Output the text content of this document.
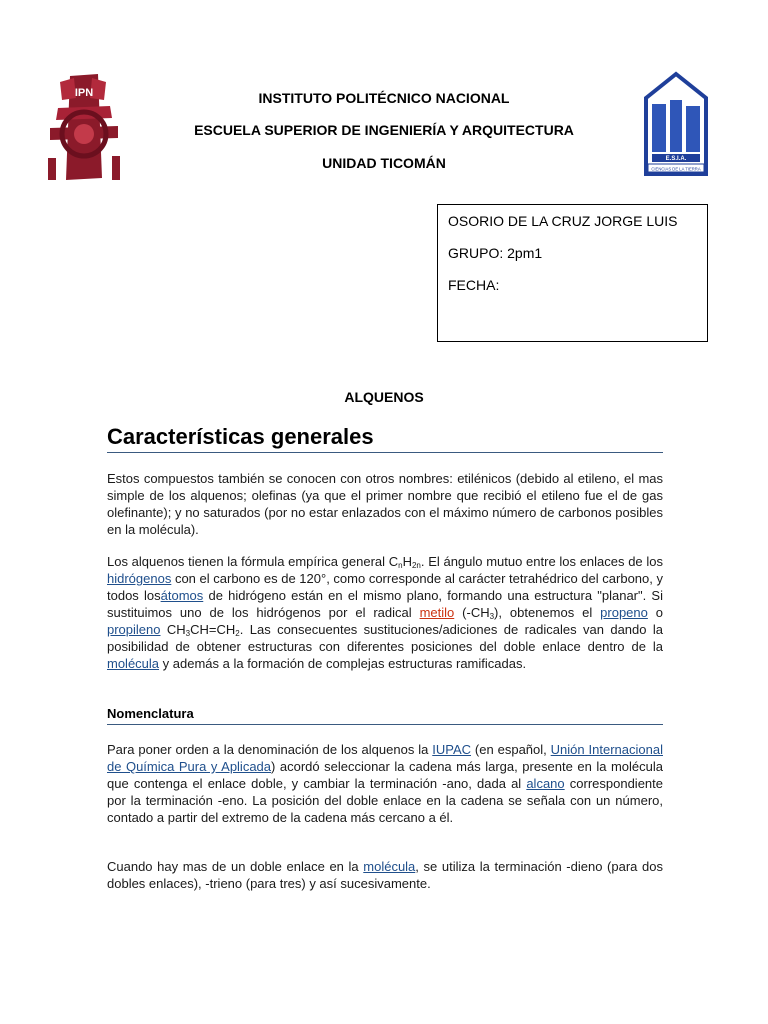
IPN
E.S.I.A.
CIENCIAS DE LA TIERRA
INSTITUTO POLITÉCNICO NACIONAL
ESCUELA SUPERIOR DE INGENIERÍA Y ARQUITECTURA
UNIDAD TICOMÁN
OSORIO DE LA CRUZ JORGE LUIS
GRUPO: 2pm1
FECHA:
ALQUENOS
Características generales

Estos compuestos también se conocen con otros nombres: etilénicos (debido al etileno, el mas simple de los alquenos; olefinas (ya que el primer nombre que recibió el etileno fue el de gas olefinante); y no saturados (por no estar enlazados con el máximo número de carbonos posibles en la molécula).

Los alquenos tienen la fórmula empírica general $C_nH_{2n}$. El ángulo mutuo entre los enlaces de los hidrógenos con el carbono es de 120°, como corresponde al carácter tetrahédrico del carbono, y todos losátomos de hidrógeno están en el mismo plano, formando una estructura "planar". Si sustituimos uno de los hidrógenos por el radical metilo $(-CH_3)$, obtenemos el propeno o propileno $CH_3CH=CH_2$. Las consecuentes sustituciones/adiciones de radicales van dando la posibilidad de obtener estructuras con diferentes posiciones del doble enlace dentro de la molécula y además a la formación de complejas estructuras ramificadas.

Nomenclatura

Para poner orden a la denominación de los alquenos la IUPAC (en español, Unión Internacional de Química Pura y Aplicada) acordó seleccionar la cadena más larga, presente en la molécula que contenga el enlace doble, y cambiar la terminación -ano, dada al alcano correspondiente por la terminación -eno. La posición del doble enlace en la cadena se señala con un número, contado a partir del extremo de la cadena más cercano a él.

Cuando hay mas de un doble enlace en la molécula, se utiliza la terminación -dieno (para dos dobles enlaces), -trieno (para tres) y así sucesivamente.
